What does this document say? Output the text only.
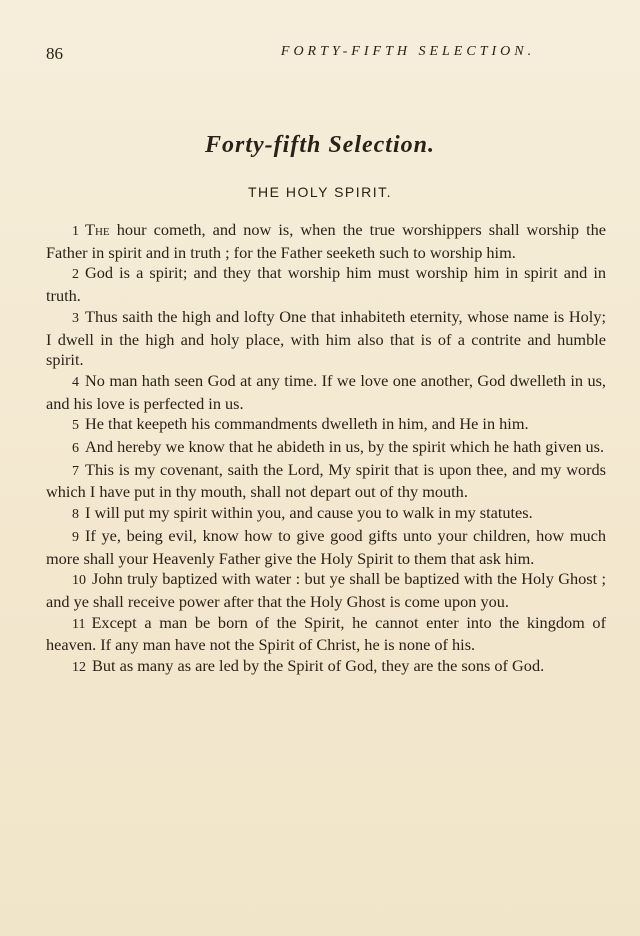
86	FORTY-FIFTH SELECTION.
Forty-fifth Selection.
THE HOLY SPIRIT.

1 The hour cometh, and now is, when the true worshippers shall worship the Father in spirit and in truth ; for the Father seeketh such to worship him.

2 God is a spirit; and they that worship him must worship him in spirit and in truth.

3 Thus saith the high and lofty One that inhabiteth eternity, whose name is Holy; I dwell in the high and holy place, with him also that is of a contrite and humble spirit.

4 No man hath seen God at any time. If we love one another, God dwelleth in us, and his love is perfected in us.

5 He that keepeth his commandments dwelleth in him, and He in him.

6 And hereby we know that he abideth in us, by the spirit which he hath given us.

7 This is my covenant, saith the Lord, My spirit that is upon thee, and my words which I have put in thy mouth, shall not depart out of thy mouth.

8 I will put my spirit within you, and cause you to walk in my statutes.

9 If ye, being evil, know how to give good gifts unto your children, how much more shall your Heavenly Father give the Holy Spirit to them that ask him.

10 John truly baptized with water : but ye shall be baptized with the Holy Ghost ; and ye shall receive power after that the Holy Ghost is come upon you.

11 Except a man be born of the Spirit, he cannot enter into the kingdom of heaven. If any man have not the Spirit of Christ, he is none of his.

12 But as many as are led by the Spirit of God, they are the sons of God.
